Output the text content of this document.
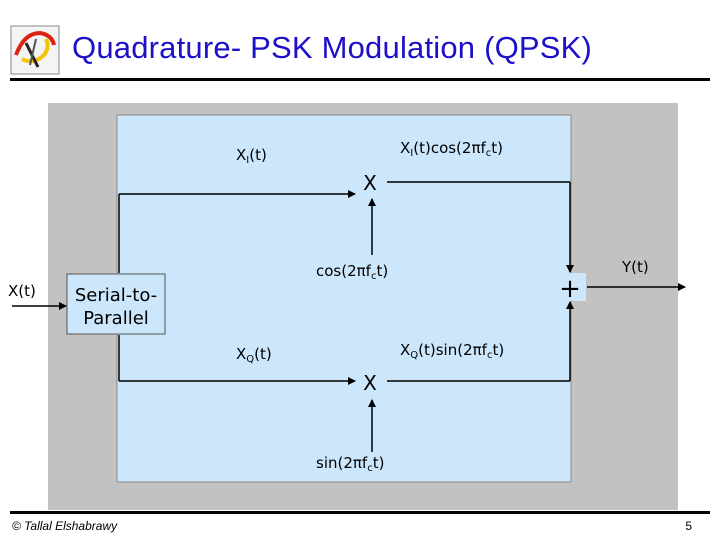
Quadrature- PSK Modulation (QPSK)
Serial-to-
Parallel
X(t)
X
$X_I(t)$	$X_I(t)\cos(2\pi f_ct)$
$\cos(2\pi f_ct)$
X
$X_Q(t)$	$X_Q(t)\sin(2\pi f_ct)$
$\sin(2\pi f_ct)$
+
Y(t)
© Tallal Elshabrawy	5
